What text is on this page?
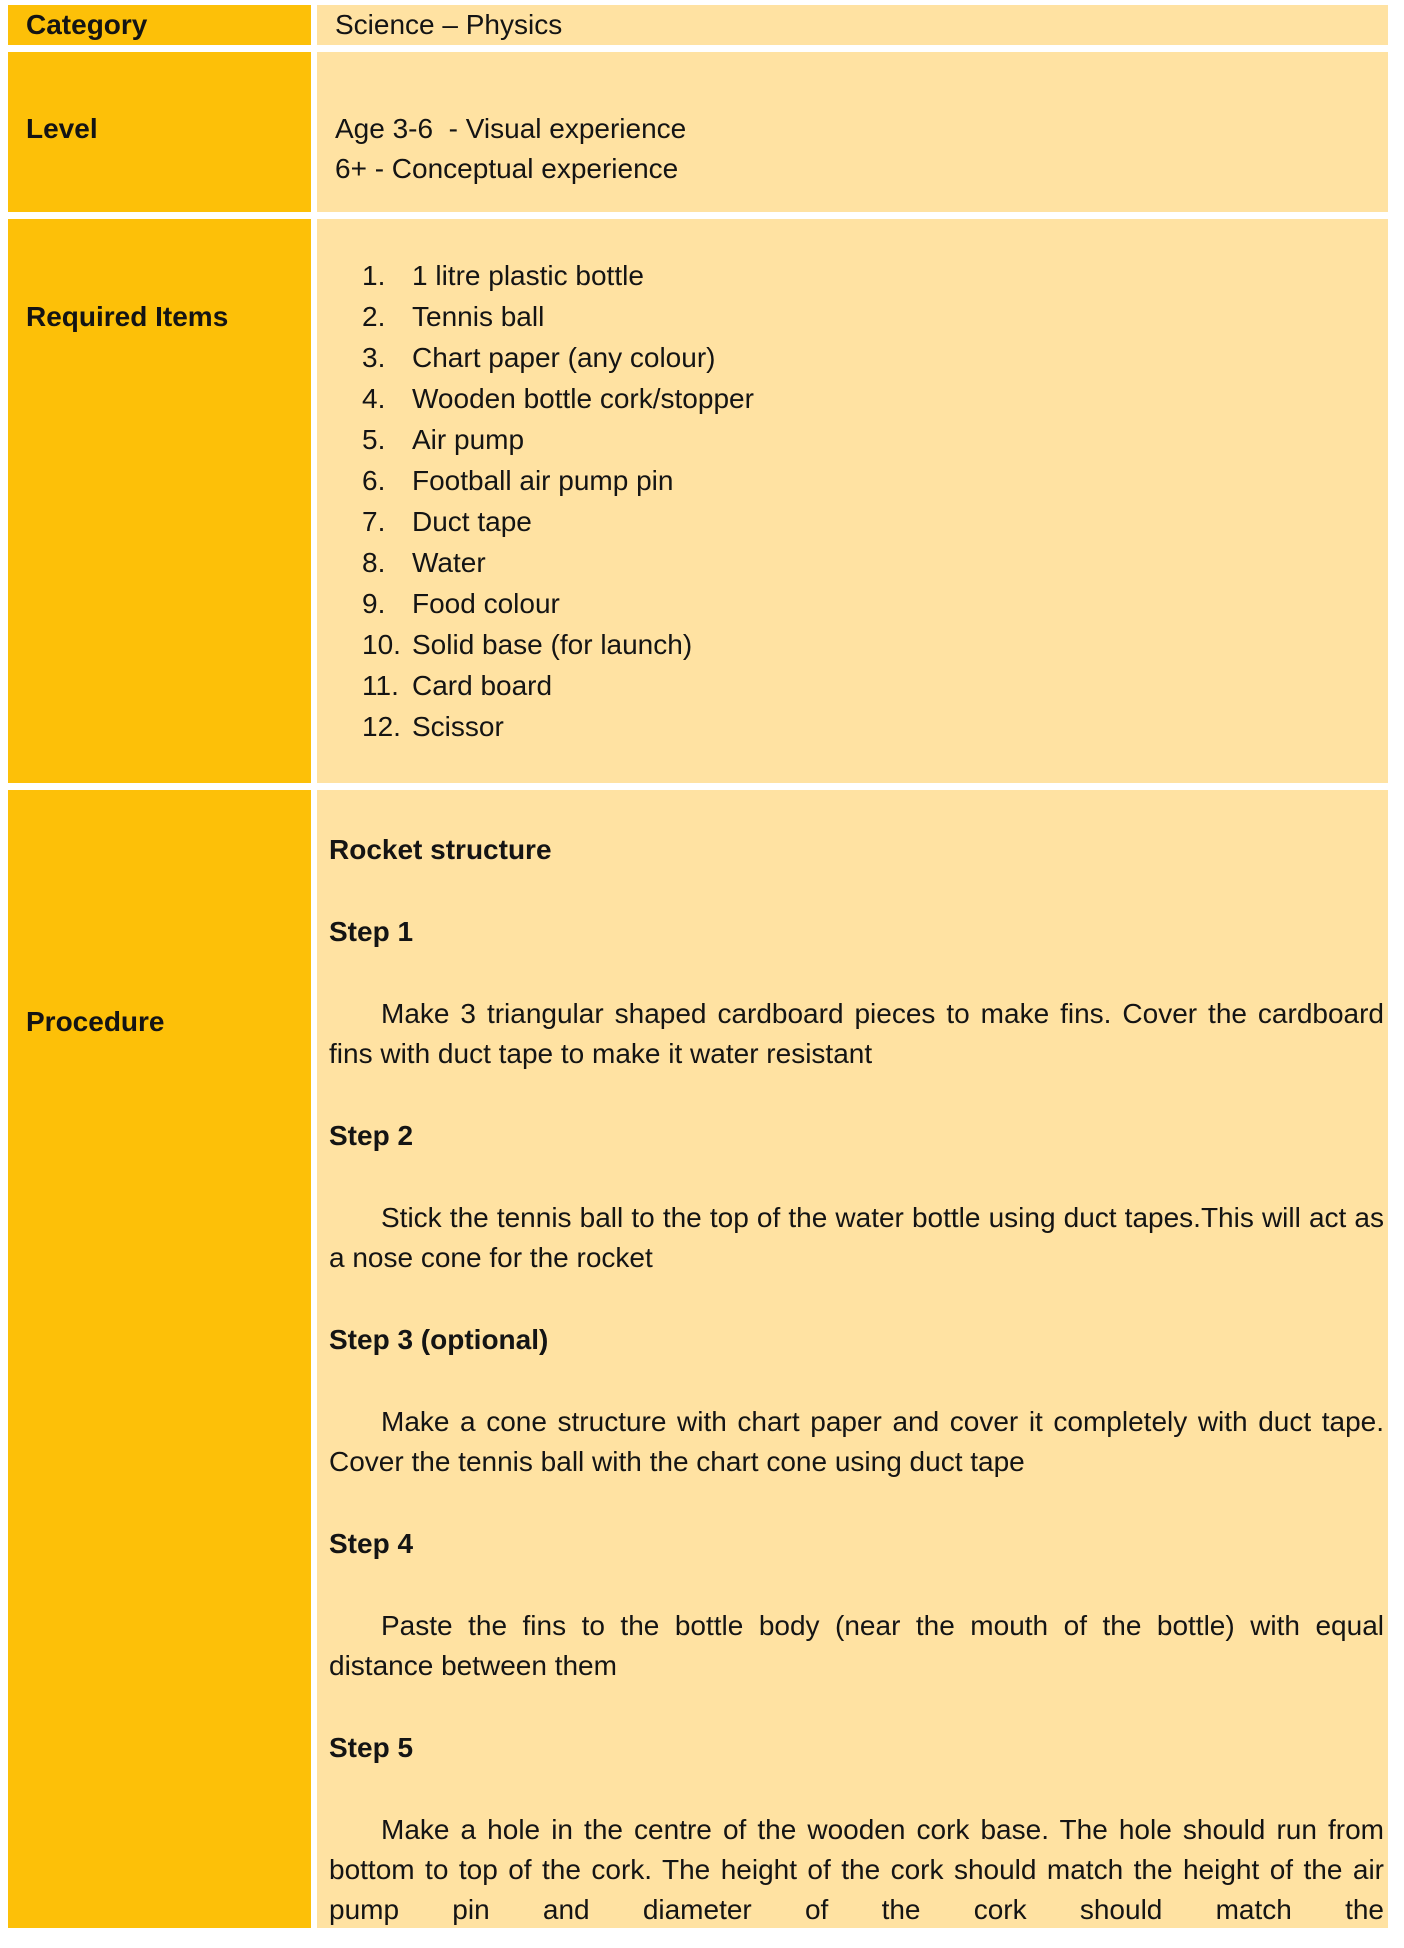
Category	Science – Physics
Level	Age 3-6  - Visual experience
6+ - Conceptual experience
Required Items
1. 1 litre plastic bottle
2. Tennis ball
3. Chart paper (any colour)
4. Wooden bottle cork/stopper
5. Air pump
6. Football air pump pin
7. Duct tape
8. Water
9. Food colour
10. Solid base (for launch)
11. Card board
12. Scissor
Procedure
Rocket structure
Step 1

Make 3 triangular shaped cardboard pieces to make fins. Cover the cardboard fins with duct tape to make it water resistant

Step 2

Stick the tennis ball to the top of the water bottle using duct tapes.This will act as a nose cone for the rocket

Step 3 (optional)

Make a cone structure with chart paper and cover it completely with duct tape. Cover the tennis ball with the chart cone using duct tape

Step 4

Paste the fins to the bottle body (near the mouth of the bottle) with equal distance between them

Step 5

Make a hole in the centre of the wooden cork base. The hole should run from bottom to top of the cork. The height of the cork should match the height of the air pump pin and diameter of the cork should match the
